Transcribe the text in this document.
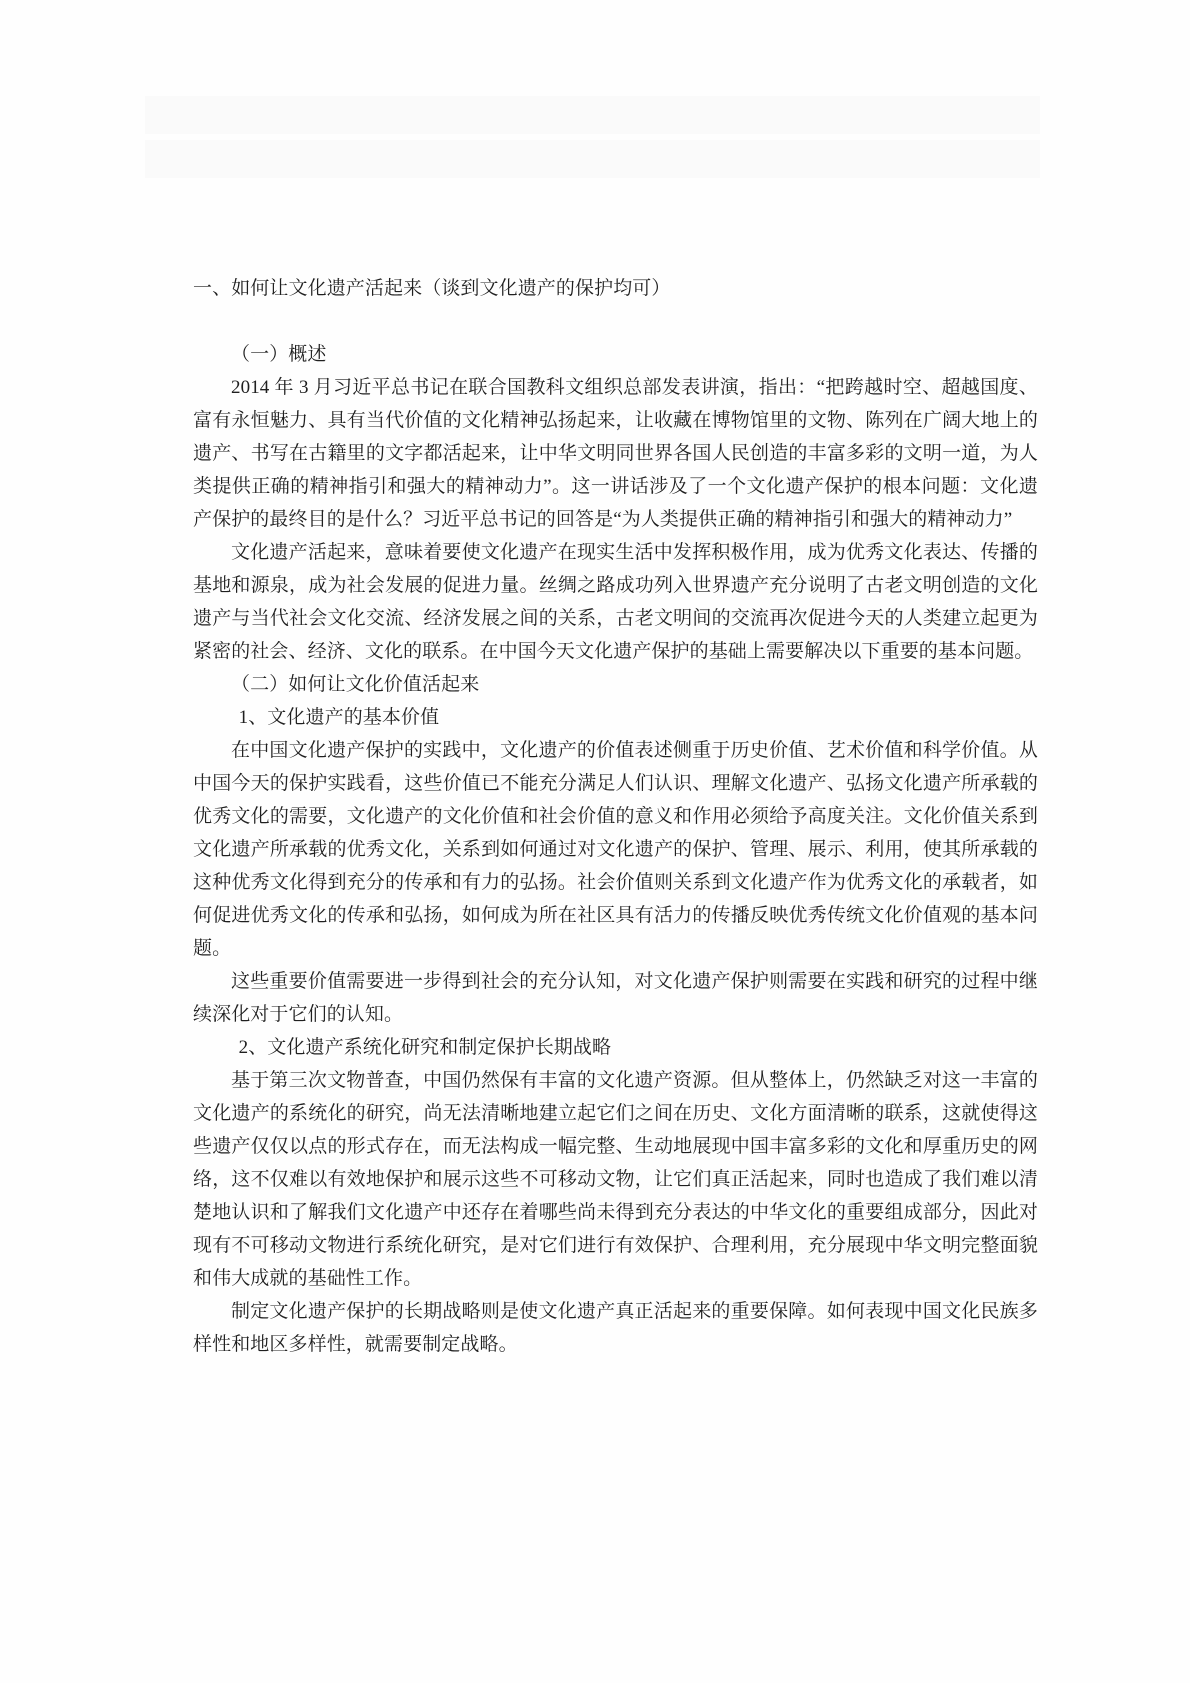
一、如何让文化遗产活起来（谈到文化遗产的保护均可）

（一）概述

2014 年 3 月习近平总书记在联合国教科文组织总部发表讲演，指出：“把跨越时空、超越国度、富有永恒魅力、具有当代价值的文化精神弘扬起来，让收藏在博物馆里的文物、陈列在广阔大地上的遗产、书写在古籍里的文字都活起来，让中华文明同世界各国人民创造的丰富多彩的文明一道，为人类提供正确的精神指引和强大的精神动力”。这一讲话涉及了一个文化遗产保护的根本问题：文化遗产保护的最终目的是什么？习近平总书记的回答是“为人类提供正确的精神指引和强大的精神动力”

文化遗产活起来，意味着要使文化遗产在现实生活中发挥积极作用，成为优秀文化表达、传播的基地和源泉，成为社会发展的促进力量。丝绸之路成功列入世界遗产充分说明了古老文明创造的文化遗产与当代社会文化交流、经济发展之间的关系，古老文明间的交流再次促进今天的人类建立起更为紧密的社会、经济、文化的联系。在中国今天文化遗产保护的基础上需要解决以下重要的基本问题。

（二）如何让文化价值活起来

1、文化遗产的基本价值

在中国文化遗产保护的实践中，文化遗产的价值表述侧重于历史价值、艺术价值和科学价值。从中国今天的保护实践看，这些价值已不能充分满足人们认识、理解文化遗产、弘扬文化遗产所承载的优秀文化的需要，文化遗产的文化价值和社会价值的意义和作用必须给予高度关注。文化价值关系到文化遗产所承载的优秀文化，关系到如何通过对文化遗产的保护、管理、展示、利用，使其所承载的这种优秀文化得到充分的传承和有力的弘扬。社会价值则关系到文化遗产作为优秀文化的承载者，如何促进优秀文化的传承和弘扬，如何成为所在社区具有活力的传播反映优秀传统文化价值观的基本问题。

这些重要价值需要进一步得到社会的充分认知，对文化遗产保护则需要在实践和研究的过程中继续深化对于它们的认知。

2、文化遗产系统化研究和制定保护长期战略

基于第三次文物普查，中国仍然保有丰富的文化遗产资源。但从整体上，仍然缺乏对这一丰富的文化遗产的系统化的研究，尚无法清晰地建立起它们之间在历史、文化方面清晰的联系，这就使得这些遗产仅仅以点的形式存在，而无法构成一幅完整、生动地展现中国丰富多彩的文化和厚重历史的网络，这不仅难以有效地保护和展示这些不可移动文物，让它们真正活起来，同时也造成了我们难以清楚地认识和了解我们文化遗产中还存在着哪些尚未得到充分表达的中华文化的重要组成部分，因此对现有不可移动文物进行系统化研究，是对它们进行有效保护、合理利用，充分展现中华文明完整面貌和伟大成就的基础性工作。

制定文化遗产保护的长期战略则是使文化遗产真正活起来的重要保障。如何表现中国文化民族多样性和地区多样性，就需要制定战略。
